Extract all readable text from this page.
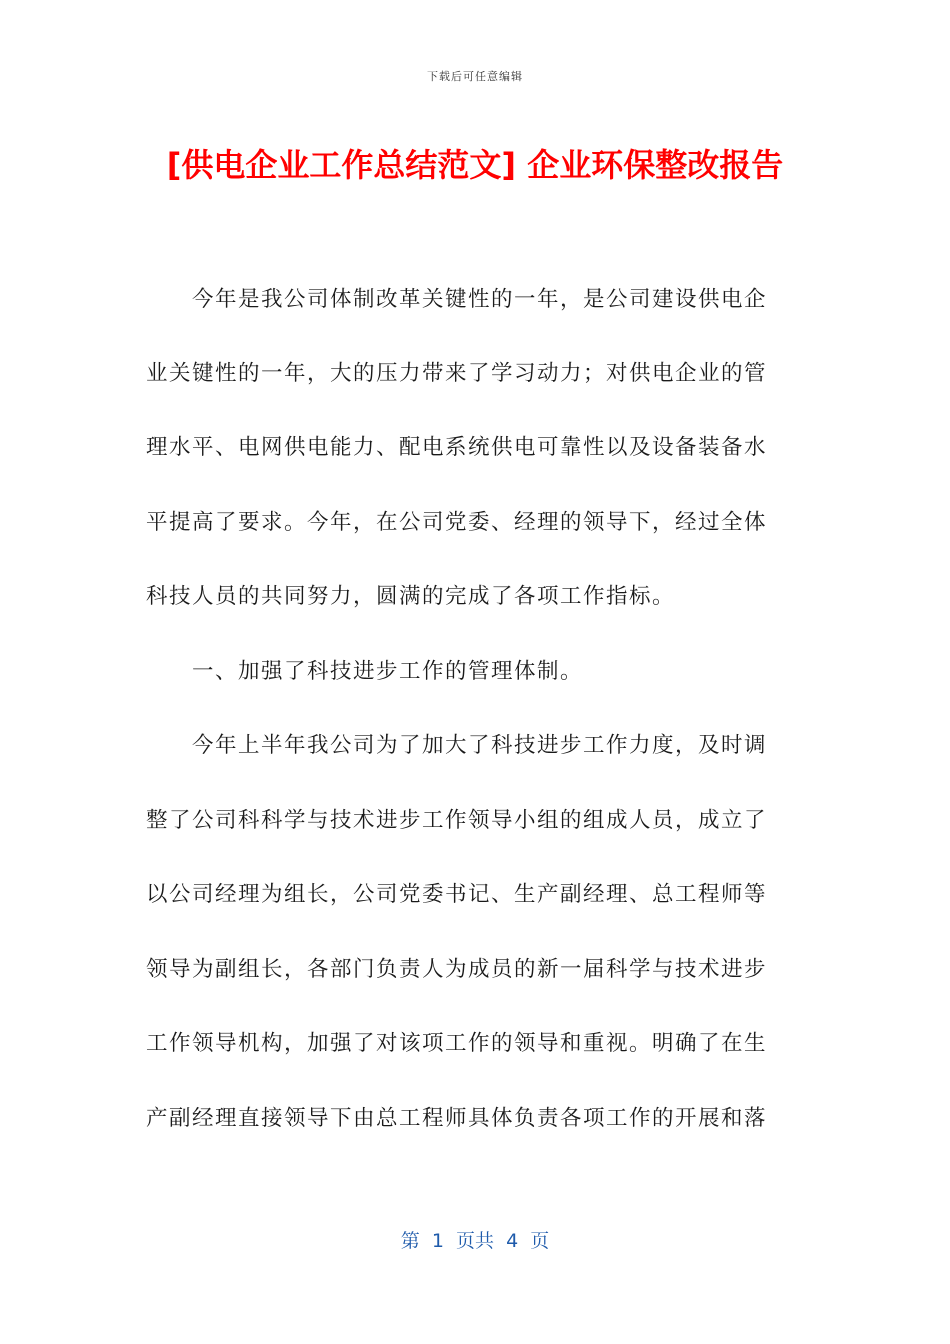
下载后可任意编辑
[供电企业工作总结范文] 企业环保整改报告
　　今年是我公司体制改革关键性的一年，是公司建设供电企
业关键性的一年，大的压力带来了学习动力；对供电企业的管
理水平、电网供电能力、配电系统供电可靠性以及设备装备水
平提高了要求。今年，在公司党委、经理的领导下，经过全体
科技人员的共同努力，圆满的完成了各项工作指标。
　　一、加强了科技进步工作的管理体制。
　　今年上半年我公司为了加大了科技进步工作力度，及时调
整了公司科科学与技术进步工作领导小组的组成人员，成立了
以公司经理为组长，公司党委书记、生产副经理、总工程师等
领导为副组长，各部门负责人为成员的新一届科学与技术进步
工作领导机构，加强了对该项工作的领导和重视。明确了在生
产副经理直接领导下由总工程师具体负责各项工作的开展和落
第  1  页共  4  页
